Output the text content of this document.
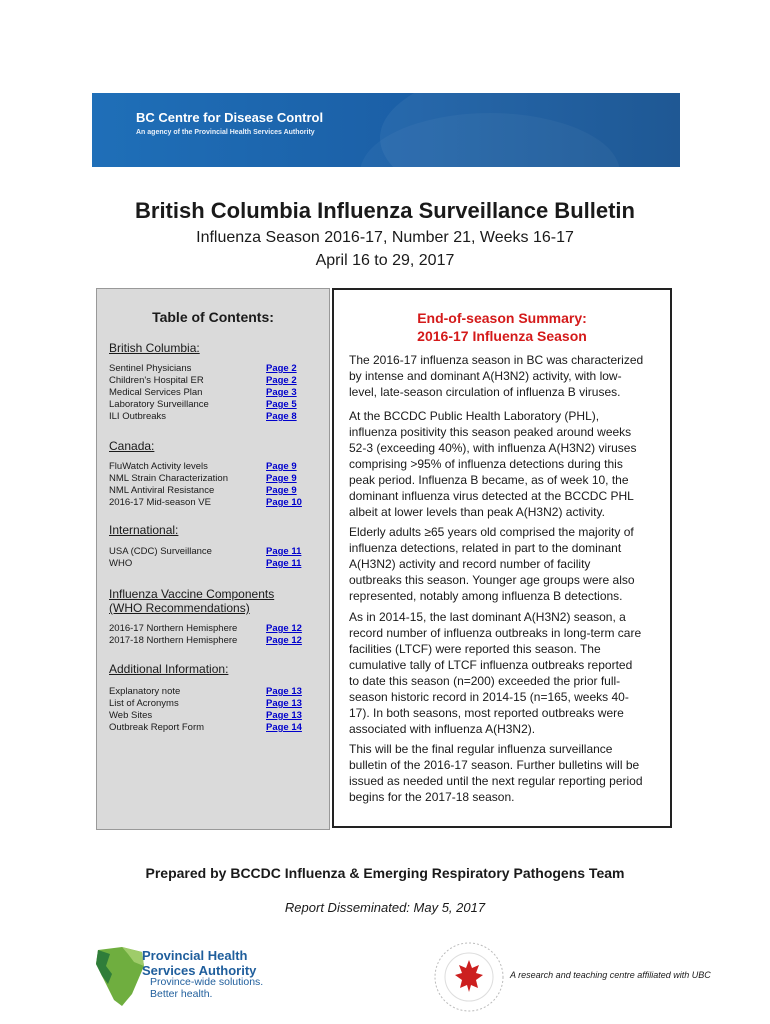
BC Centre for Disease Control
An agency of the Provincial Health Services Authority
British Columbia Influenza Surveillance Bulletin
Influenza Season 2016-17, Number 21, Weeks 16-17
April 16 to 29, 2017
Table of Contents:
British Columbia:
Sentinel Physicians	Page 2
Children's Hospital ER	Page 2
Medical Services Plan	Page 3
Laboratory Surveillance	Page 5
ILI Outbreaks	Page 8
Canada:
FluWatch Activity levels	Page 9
NML Strain Characterization	Page 9
NML Antiviral Resistance	Page 9
2016-17 Mid-season VE	Page 10
International:
USA (CDC) Surveillance	Page 11
WHO	Page 11
Influenza Vaccine Components
(WHO Recommendations)
2016-17 Northern Hemisphere	Page 12
2017-18 Northern Hemisphere	Page 12
Additional Information:
Explanatory note	Page 13
List of Acronyms	Page 13
Web Sites	Page 13
Outbreak Report Form	Page 14
End-of-season Summary:
2016-17 Influenza Season
The 2016-17 influenza season in BC was characterized
by intense and dominant A(H3N2) activity, with low-
level, late-season circulation of influenza B viruses.
At the BCCDC Public Health Laboratory (PHL),
influenza positivity this season peaked around weeks
52-3 (exceeding 40%), with influenza A(H3N2) viruses
comprising >95% of influenza detections during this
peak period. Influenza B became, as of week 10, the
dominant influenza virus detected at the BCCDC PHL
albeit at lower levels than peak A(H3N2) activity.
Elderly adults ≥65 years old comprised the majority of
influenza detections, related in part to the dominant
A(H3N2) activity and record number of facility
outbreaks this season. Younger age groups were also
represented, notably among influenza B detections.
As in 2014-15, the last dominant A(H3N2) season, a
record number of influenza outbreaks in long-term care
facilities (LTCF) were reported this season. The
cumulative tally of LTCF influenza outbreaks reported
to date this season (n=200) exceeded the prior full-
season historic record in 2014-15 (n=165, weeks 40-
17). In both seasons, most reported outbreaks were
associated with influenza A(H3N2).
This will be the final regular influenza surveillance
bulletin of the 2016-17 season. Further bulletins will be
issued as needed until the next regular reporting period
begins for the 2017-18 season.
Prepared by BCCDC Influenza & Emerging Respiratory Pathogens Team
Report Disseminated: May 5, 2017
Provincial Health
Services Authority
Province-wide solutions.
Better health.
A research and teaching centre affiliated with UBC
